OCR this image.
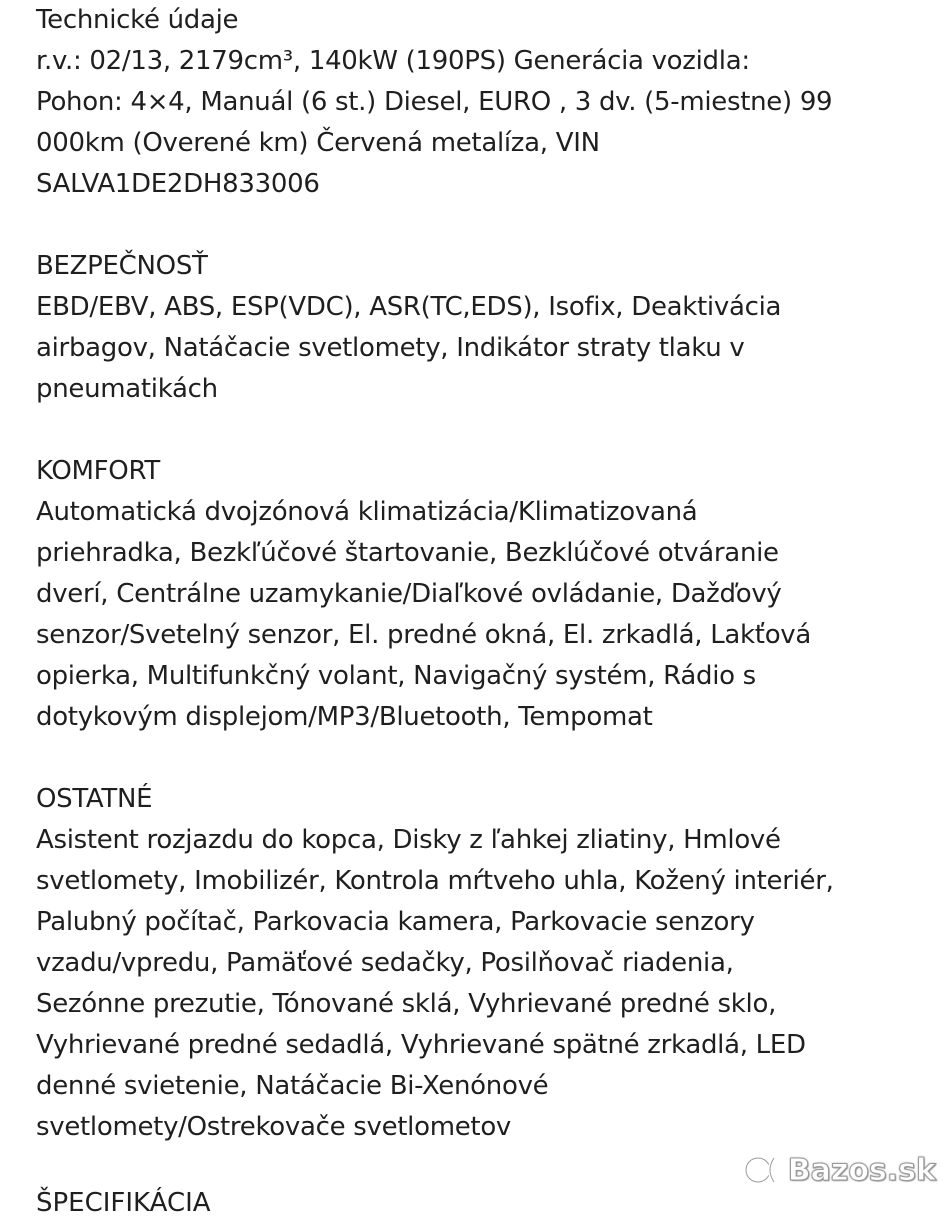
Technické údaje
r.v.: 02/13, 2179cm³, 140kW (190PS) Generácia vozidla:
Pohon: 4×4, Manuál (6 st.) Diesel, EURO , 3 dv. (5-miestne) 99
000km (Overené km) Červená metalíza, VIN
SALVA1DE2DH833006
BEZPEČNOSŤ
EBD/EBV, ABS, ESP(VDC), ASR(TC,EDS), Isofix, Deaktivácia
airbagov, Natáčacie svetlomety, Indikátor straty tlaku v
pneumatikách
KOMFORT
Automatická dvojzónová klimatizácia/Klimatizovaná
priehradka, Bezkľúčové štartovanie, Bezklúčové otváranie
dverí, Centrálne uzamykanie/Diaľkové ovládanie, Dažďový
senzor/Svetelný senzor, El. predné okná, El. zrkadlá, Lakťová
opierka, Multifunkčný volant, Navigačný systém, Rádio s
dotykovým displejom/MP3/Bluetooth, Tempomat
OSTATNÉ
Asistent rozjazdu do kopca, Disky z ľahkej zliatiny, Hmlové
svetlomety, Imobilizér, Kontrola mŕtveho uhla, Kožený interiér,
Palubný počítač, Parkovacia kamera, Parkovacie senzory
vzadu/vpredu, Pamäťové sedačky, Posilňovač riadenia,
Sezónne prezutie, Tónované sklá, Vyhrievané predné sklo,
Vyhrievané predné sedadlá, Vyhrievané spätné zrkadlá, LED
denné svietenie, Natáčacie Bi-Xenónové
svetlomety/Ostrekovače svetlometov
ŠPECIFIKÁCIA
Bazos.sk
